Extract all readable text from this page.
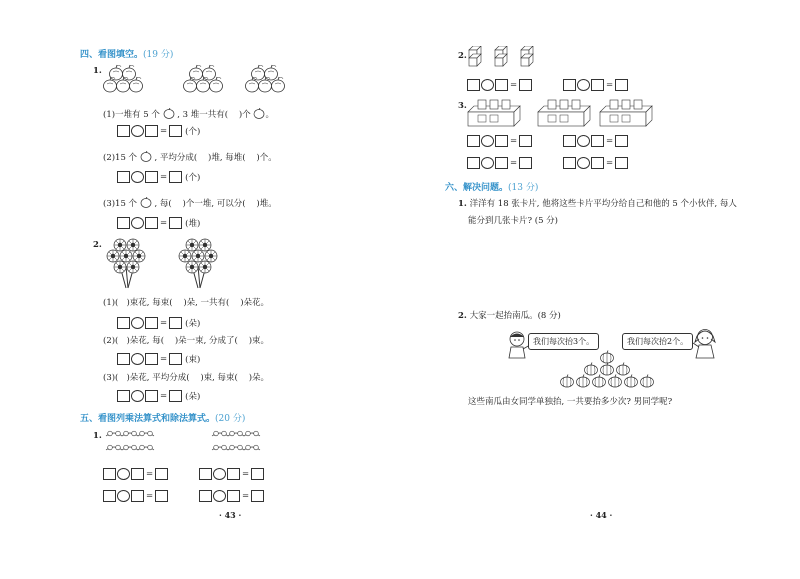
四、看图填空。(19 分)
1.
(1)一堆有 5 个 , 3 堆一共有( )个 。
= (个)
(2)15 个 , 平均分成( )堆, 每堆( )个。
= (个)
(3)15 个 , 每( )个一堆, 可以分( )堆。
= (堆)
2.
(1)( )束花, 每束( )朵, 一共有( )朵花。
= (朵)
(2)( )朵花, 每( )朵一束, 分成了( )束。
= (束)
(3)( )朵花, 平均分成( )束, 每束( )朵。
= (朵)
五、看图列乘法算式和除法算式。(20 分)
1.
=	=
=	=
· 43 ·
2.
=	=
3.
=	=
=	=
六、解决问题。(13 分)
1. 洋洋有 18 张卡片, 他将这些卡片平均分给自己和他的 5 个小伙伴, 每人
能分到几张卡片? (5 分)
2. 大家一起抬南瓜。(8 分)
我们每次抬3个。	我们每次抬2个。
这些南瓜由女同学单独抬, 一共要抬多少次? 男同学呢?
· 44 ·
